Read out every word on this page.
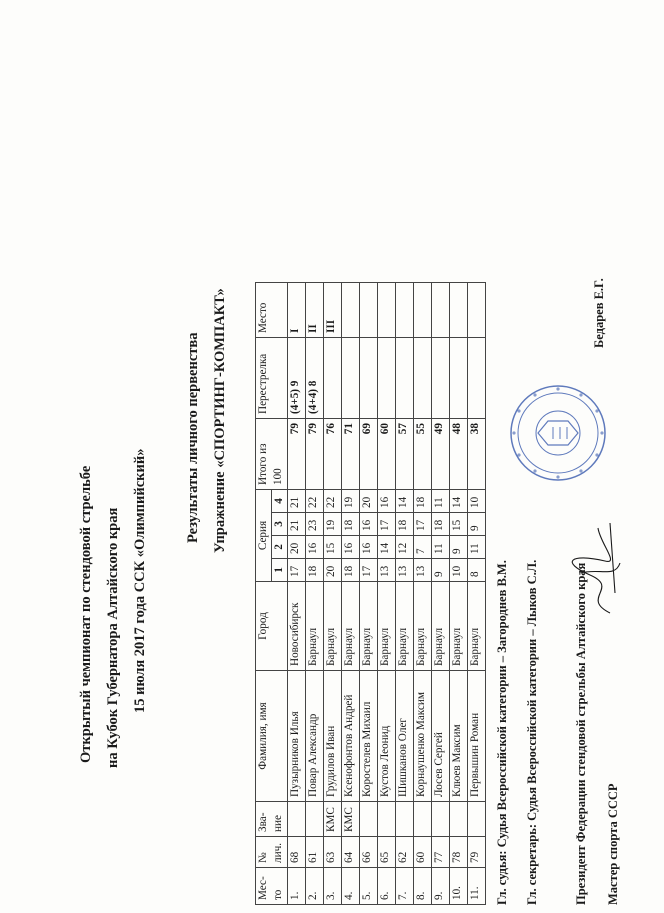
Открытый чемпионат по стендовой стрельбе на Кубок Губернатора Алтайского края 15 июля 2017 года ССК «Олимпийский»
Результаты личного первенства Упражнение «СПОРТИНГ-КОМПАКТ»
Мес- то	№ лич.	Зва- ние	Фамилия, имя	Город	Серия				Итого из 100	Перестрелка	Место
					1	2	3	4			
1.	68		Пузырников Илья	Новосибирск	17	20	21	21	79	(4+5) 9	I
2.	61		Повар Александр	Барнаул	18	16	23	22	79	(4+4) 8	II
3.	63	КМС	Грудилов Иван	Барнаул	20	15	19	22	76		III
4.	64	КМС	Ксенофонтов Андрей	Барнаул	18	16	18	19	71		
5.	66		Коростелев Михаил	Барнаул	17	16	16	20	69		
6.	65		Кустов Леонид	Барнаул	13	14	17	16	60		
7.	62		Шишканов Олег	Барнаул	13	12	18	14	57		
8.	60		Корнаушенко Максим	Барнаул	13	7	17	18	55		
9.	77		Лосев Сергей	Барнаул	9	11	18	11	49		
10.	78		Клюев Максим	Барнаул	10	9	15	14	48		
11.	79		Первышин Роман	Барнаул	8	11	9	10	38		
Гл. судья: Судья Всероссийской категории – Загороднев В.М. Гл. секретарь: Судья Всероссийской категории – Лыков С.Л.	Президент Федерации стендовой стрельбы Алтайского края Мастер спорта СССР
Бедарев Е.Г.
